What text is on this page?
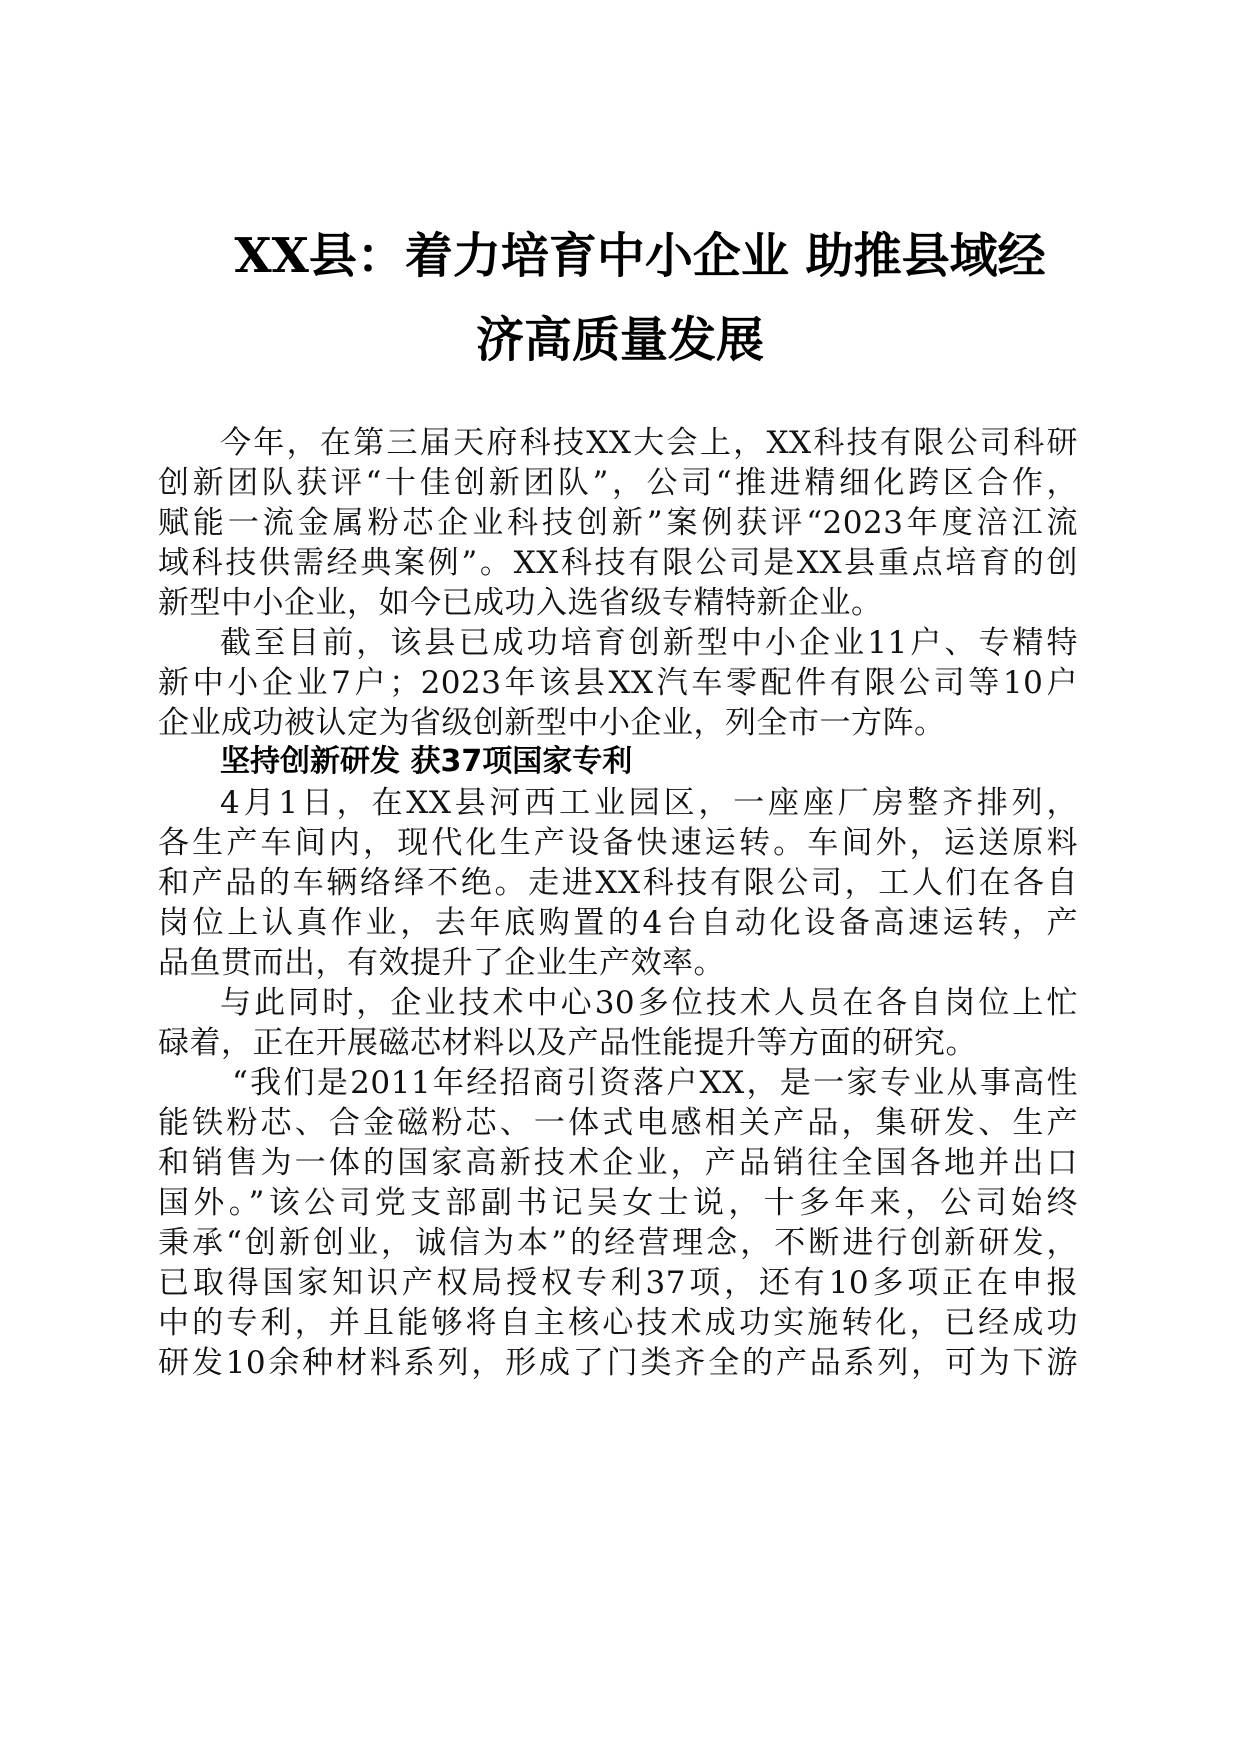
XX县：着力培育中小企业 助推县域经
济高质量发展

今年，在第三届天府科技XX大会上，XX科技有限公司科研

创新团队获评“十佳创新团队”，公司“推进精细化跨区合作，

赋能一流金属粉芯企业科技创新”案例获评“2023年度涪江流

域科技供需经典案例”。XX科技有限公司是XX县重点培育的创

新型中小企业，如今已成功入选省级专精特新企业。

截至目前，该县已成功培育创新型中小企业11户、专精特

新中小企业7户；2023年该县XX汽车零配件有限公司等10户

企业成功被认定为省级创新型中小企业，列全市一方阵。

坚持创新研发 获37项国家专利

4月1日，在XX县河西工业园区，一座座厂房整齐排列，

各生产车间内，现代化生产设备快速运转。车间外，运送原料

和产品的车辆络绎不绝。走进XX科技有限公司，工人们在各自

岗位上认真作业，去年底购置的4台自动化设备高速运转，产

品鱼贯而出，有效提升了企业生产效率。

与此同时，企业技术中心30多位技术人员在各自岗位上忙

碌着，正在开展磁芯材料以及产品性能提升等方面的研究。

“我们是2011年经招商引资落户XX，是一家专业从事高性

能铁粉芯、合金磁粉芯、一体式电感相关产品，集研发、生产

和销售为一体的国家高新技术企业，产品销往全国各地并出口

国外。”该公司党支部副书记吴女士说，十多年来，公司始终

秉承“创新创业，诚信为本”的经营理念，不断进行创新研发，

已取得国家知识产权局授权专利37项，还有10多项正在申报

中的专利，并且能够将自主核心技术成功实施转化，已经成功

研发10余种材料系列，形成了门类齐全的产品系列，可为下游
